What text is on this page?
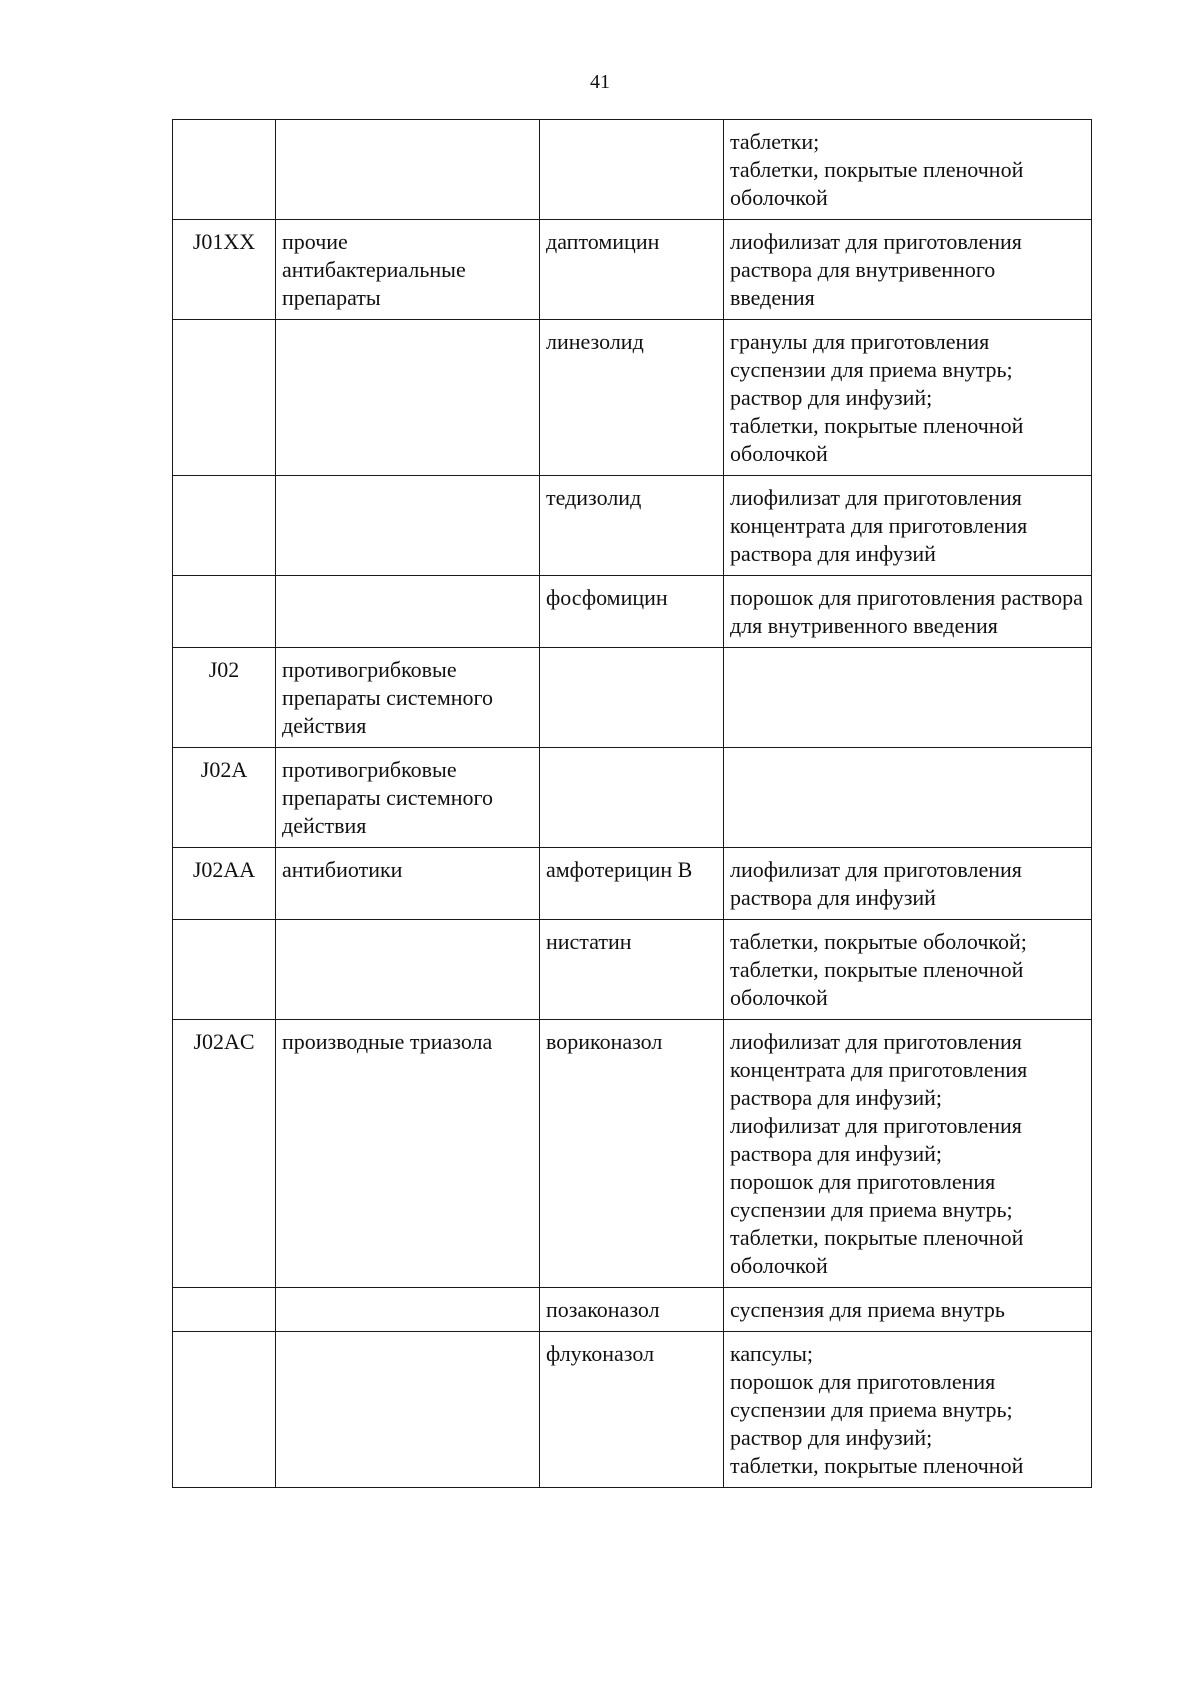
41

			таблетки;
таблетки, покрытые пленочной оболочкой

J01XX	прочие антибактериальные препараты	даптомицин	лиофилизат для приготовления раствора для внутривенного введения

		линезолид	гранулы для приготовления суспензии для приема внутрь;
раствор для инфузий;
таблетки, покрытые пленочной оболочкой

		тедизолид	лиофилизат для приготовления концентрата для приготовления раствора для инфузий

		фосфомицин	порошок для приготовления раствора для внутривенного введения

J02	противогрибковые препараты системного действия		
J02A	противогрибковые препараты системного действия		
J02AA	антибиотики	амфотерицин B	лиофилизат для приготовления раствора для инфузий

		нистатин	таблетки, покрытые оболочкой;
таблетки, покрытые пленочной оболочкой

J02AC	производные триазола	вориконазол	лиофилизат для приготовления концентрата для приготовления раствора для инфузий;
лиофилизат для приготовления раствора для инфузий;
порошок для приготовления суспензии для приема внутрь;
таблетки, покрытые пленочной оболочкой

		позаконазол	суспензия для приема внутрь

		флуконазол	капсулы;
порошок для приготовления суспензии для приема внутрь;
раствор для инфузий;
таблетки, покрытые пленочной
